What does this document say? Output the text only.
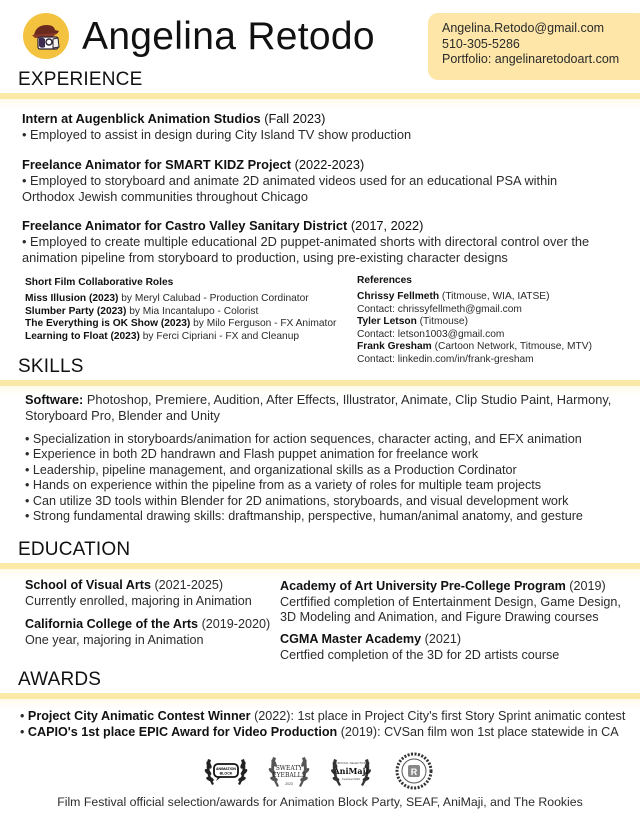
Angelina Retodo	Angelina.Retodo@gmail.com
510-305-5286
Portfolio: angelinaretodoart.com
EXPERIENCE
Intern at Augenblick Animation Studios (Fall 2023)
• Employed to assist in design during City Island TV show production
Freelance Animator for SMART KIDZ Project (2022-2023)
• Employed to storyboard and animate 2D animated videos used for an educational PSA within
Orthodox Jewish communities throughout Chicago
Freelance Animator for Castro Valley Sanitary District (2017, 2022)
• Employed to create multiple educational 2D puppet-animated shorts with directoral control over the
animation pipeline from storyboard to production, using pre-existing character designs
Short Film Collaborative Roles
Miss Illusion (2023) by Meryl Calubad - Production Cordinator
Slumber Party (2023) by Mia Incantalupo - Colorist
The Everything is OK Show (2023) by Milo Ferguson - FX Animator
Learning to Float (2023) by Ferci Cipriani - FX and Cleanup
References
Chrissy Fellmeth (Titmouse, WIA, IATSE)
Contact: chrissyfellmeth@gmail.com
Tyler Letson (Titmouse)
Contact: letson1003@gmail.com
Frank Gresham (Cartoon Network, Titmouse, MTV)
Contact: linkedin.com/in/frank-gresham
SKILLS
Software: Photoshop, Premiere, Audition, After Effects, Illustrator, Animate, Clip Studio Paint, Harmony, Storyboard Pro, Blender and Unity
• Specialization in storyboards/animation for action sequences, character acting, and EFX animation
• Experience in both 2D handrawn and Flash puppet animation for freelance work
• Leadership, pipeline management, and organizational skills as a Production Cordinator
• Hands on experience within the pipeline from as a variety of roles for multiple team projects
• Can utilize 3D tools within Blender for 2D animations, storyboards, and visual development work
• Strong fundamental drawing skills: draftmanship, perspective, human/animal anatomy, and gesture
EDUCATION
School of Visual Arts (2021-2025)
Currently enrolled, majoring in Animation
California College of the Arts (2019-2020)
One year, majoring in Animation
Academy of Art University Pre-College Program (2019)
Certfified completion of Entertainment Design, Game Design,
3D Modeling and Animation, and Figure Drawing courses
CGMA Master Academy (2021)
Certfied completion of the 3D for 2D artists course
AWARDS
• Project City Animatic Contest Winner (2022): 1st place in Project City's first Story Sprint animatic contest
• CAPIO's 1st place EPIC Award for Video Production (2019): CVSan film won 1st place statewide in CA
ANIMATION
BLOCK
SWEATY
EYEBALLS
2023
OFFICIAL SELECTION
AniMaji
Festival 2023
R
Film Festival official selection/awards for Animation Block Party, SEAF, AniMaji, and The Rookies
